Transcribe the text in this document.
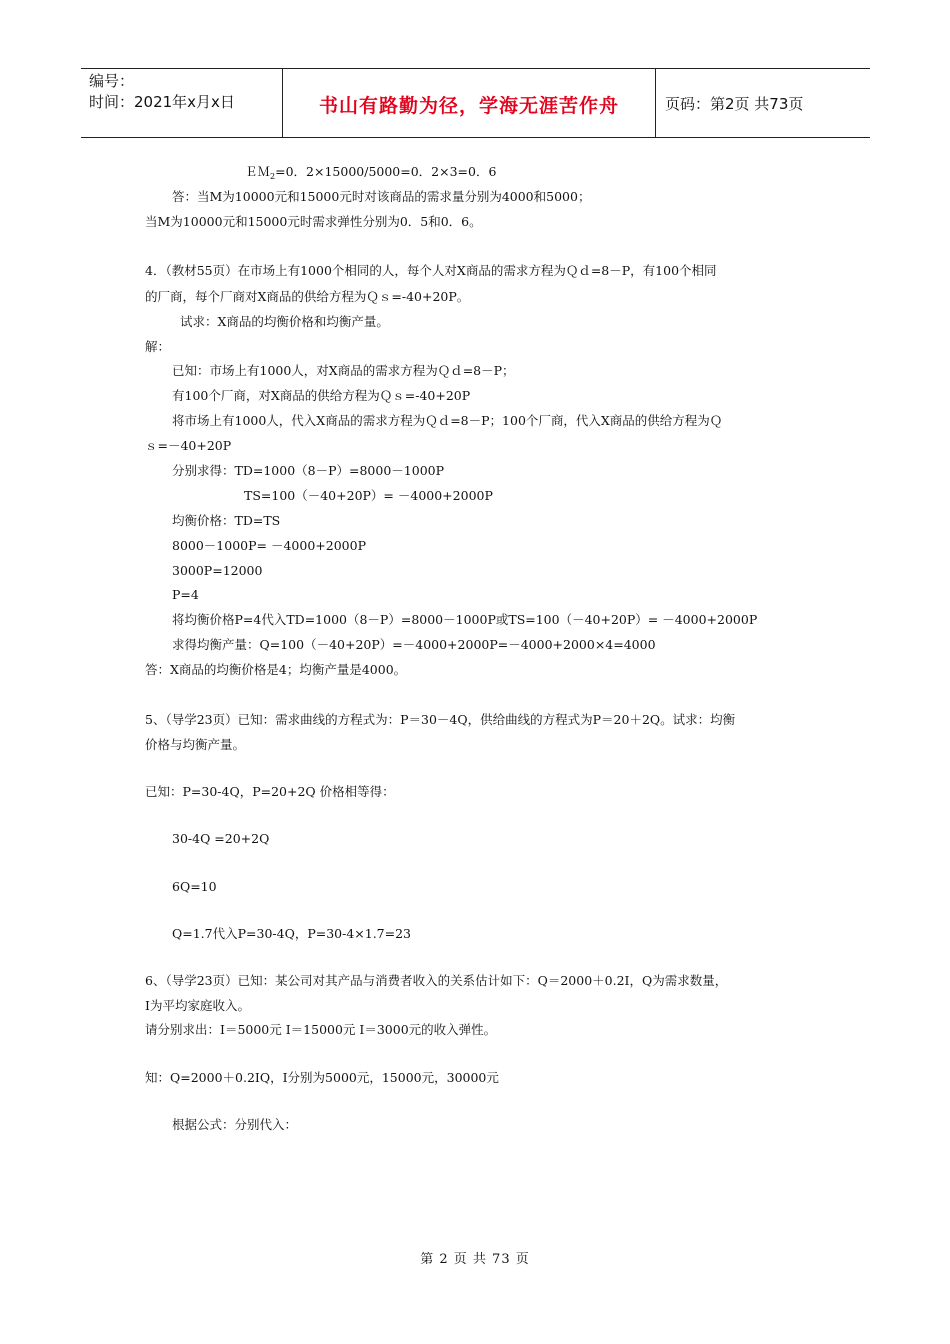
编号：
时间：2021年x月x日	书山有路勤为径，学海无涯苦作舟	页码：第2页 共73页
ＥＭ$_2$=0．2×15000/5000=0．2×3=0．6
答：当M为10000元和15000元时对该商品的需求量分别为4000和5000；
当M为10000元和15000元时需求弹性分别为0．5和0．6。
4．（教材55页）在市场上有1000个相同的人，每个人对X商品的需求方程为Ｑｄ=8－P，有100个相同
的厂商，每个厂商对X商品的供给方程为Ｑｓ=-40+20P。
试求：X商品的均衡价格和均衡产量。
解：
已知：市场上有1000人，对X商品的需求方程为Ｑｄ=8－P；
有100个厂商，对X商品的供给方程为Ｑｓ=-40+20P
将市场上有1000人，代入X商品的需求方程为Ｑｄ=8－P；100个厂商，代入X商品的供给方程为Ｑ
ｓ=－40+20P
分别求得：TD=1000（8－P）=8000－1000P
TS=100（－40+20P）= －4000+2000P
均衡价格：TD=TS
8000－1000P= －4000+2000P
3000P=12000
P=4
将均衡价格P=4代入TD=1000（8－P）=8000－1000P或TS=100（－40+20P）= －4000+2000P
求得均衡产量：Q=100（－40+20P）=－4000+2000P=－4000+2000×4=4000
答：X商品的均衡价格是4；均衡产量是4000。
5、（导学23页）已知：需求曲线的方程式为：P＝30－4Q，供给曲线的方程式为P＝20＋2Q。试求：均衡
价格与均衡产量。
已知：P=30-4Q，P=20+2Q 价格相等得：
30-4Q =20+2Q
6Q=10
Q=1.7代入P=30-4Q，P=30-4×1.7=23
6、（导学23页）已知：某公司对其产品与消费者收入的关系估计如下：Q＝2000＋0.2I，Q为需求数量，
I为平均家庭收入。
请分别求出：I＝5000元 I＝15000元 I＝3000元的收入弹性。
知：Q=2000＋0.2IQ，I分别为5000元，15000元，30000元
根据公式：分别代入：
第 2 页 共 73 页
